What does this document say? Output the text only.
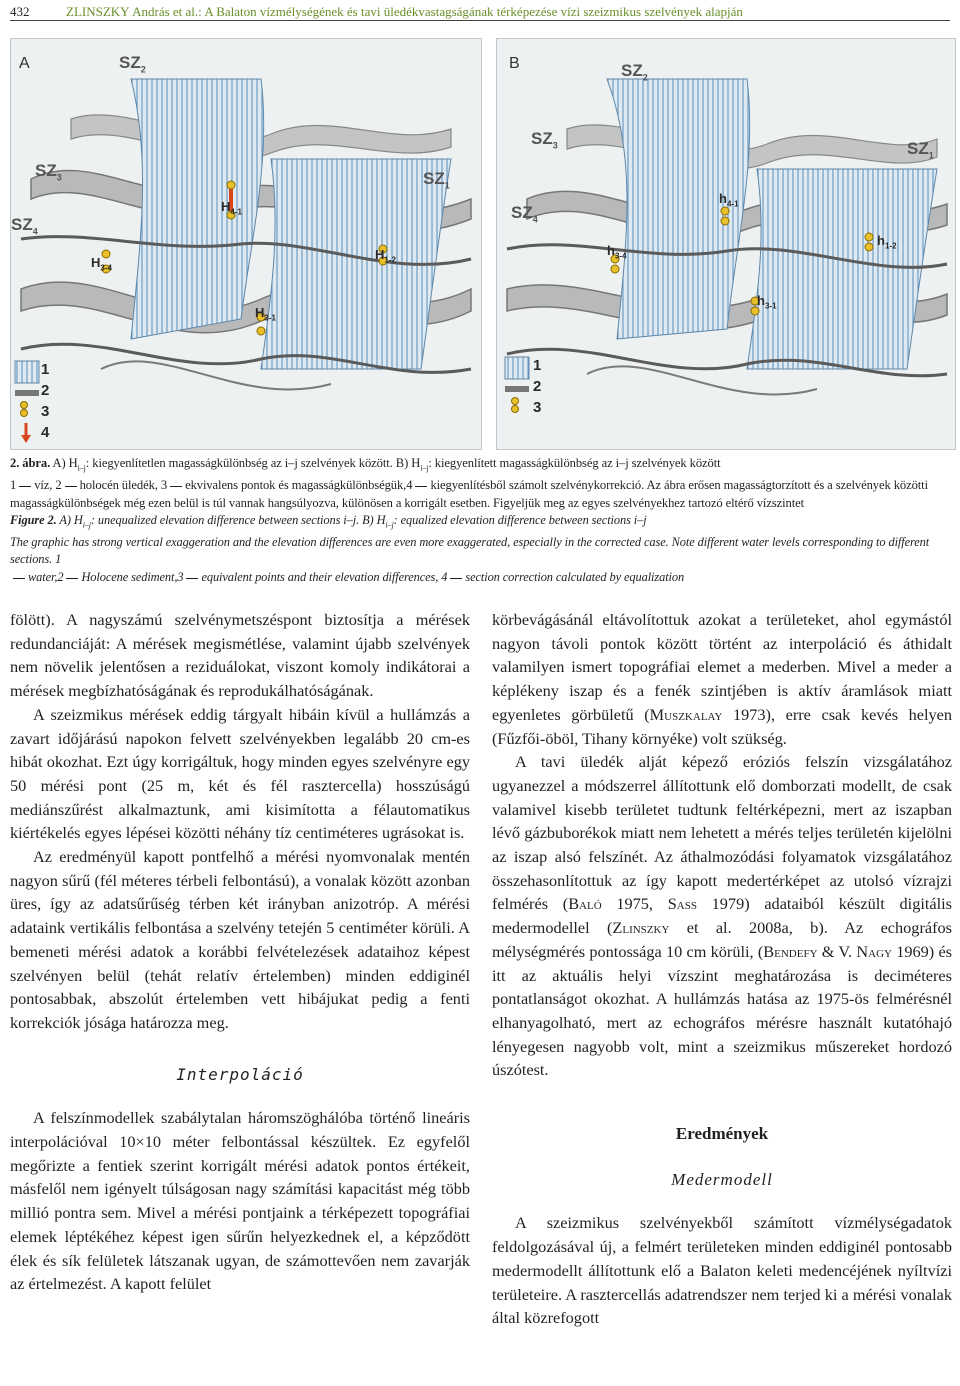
432	ZLINSZKY András et al.: A Balaton vízmélységének és tavi üledékvastagságának térképezése vízi szeizmikus szelvények alapján
A	$SZ_2$
$SZ_3$	$SZ_1$
$SZ_4$
$H_{4-1}$
$H_{3-4}$
$H_{1-2}$
$H_{3-1}$
1
2
3
4
B	$SZ_2$
$SZ_3$	$SZ_1$
$SZ_4$
$h_{4-1}$
$h_{3-4}$
$h_{1-2}$
$h_{3-1}$
1
2
3
2. ábra. A) $H_{i-j}$: kiegyenlítetlen magasságkülönbség az i–j szelvények között. B) $H_{i-j}$: kiegyenlített magasságkülönbség az i–j szelvények között
1 víz, 2 holocén üledék, 3 ekvivalens pontok és magasságkülönbségük,4 kiegyenlítésből számolt szelvénykorrekció. Az ábra erősen magasságtorzított és a szelvények közötti
magasságkülönbségek még ezen belül is túl vannak hangsúlyozva, különösen a korrigált esetben. Figyeljük meg az egyes szelvényekhez tartozó eltérő vízszintet
Figure 2. A) $H_{i-j}$: unequalized elevation difference between sections i–j. B) $H_{i-j}$: equalized elevation difference between sections i–j
The graphic has strong vertical exaggeration and the elevation differences are even more exaggerated, especially in the corrected case. Note different water levels corresponding to different sections. 1
water,2 Holocene sediment,3 equivalent points and their elevation differences, 4 section correction calculated by equalization

fölött). A nagyszámú szelvénymetszéspont biztosítja a mérések redundanciáját: A mérések megismétlése, valamint újabb szelvények nem növelik jelentősen a reziduálokat, viszont komoly indikátorai a mérések megbízhatóságának és reprodukálhatóságának.

A szeizmikus mérések eddig tárgyalt hibáin kívül a hullámzás a zavart időjárású napokon felvett szelvényekben legalább 20 cm-es hibát okozhat. Ezt úgy korrigáltuk, hogy minden egyes szelvényre egy 50 mérési pont (25 m, két és fél rasztercella) hosszúságú mediánszűrést alkalmaztunk, ami kisimította a félautomatikus kiértékelés egyes lépései közötti néhány tíz centiméteres ugrásokat is.

Az eredményül kapott pontfelhő a mérési nyomvonalak mentén nagyon sűrű (fél méteres térbeli felbontású), a vonalak között azonban üres, így az adatsűrűség térben két irányban anizotróp. A mérési adataink vertikális felbontása a szelvény tetején 5 centiméter körüli. A bemeneti mérési adatok a korábbi felvételezések adataihoz képest szelvényen belül (tehát relatív értelemben) minden eddiginél pontosabbak, abszolút értelemben vett hibájukat pedig a fenti korrekciók jósága határozza meg.

Interpoláció

A felszínmodellek szabálytalan háromszöghálóba történő lineáris interpolációval 10×10 méter felbontással készültek. Ez egyfelől megőrizte a fentiek szerint korrigált mérési adatok pontos értékeit, másfelől nem igényelt túlságosan nagy számítási kapacitást még több millió pontra sem. Mivel a mérési pontjaink a térképezett topográfiai elemek léptékéhez képest igen sűrűn helyezkednek el, a képződött élek és sík felületek látszanak ugyan, de számottevően nem zavarják az értelmezést. A kapott felület

körbevágásánál eltávolítottuk azokat a területeket, ahol egymástól nagyon távoli pontok között történt az interpoláció és áthidalt valamilyen ismert topográfiai elemet a mederben. Mivel a meder a képlékeny iszap és a fenék szintjében is aktív áramlások miatt egyenletes görbületű (Muszkalay 1973), erre csak kevés helyen (Fűzfői-öböl, Tihany környéke) volt szükség.

A tavi üledék alját képező eróziós felszín vizsgálatához ugyanezzel a módszerrel állítottunk elő domborzati modellt, de csak valamivel kisebb területet tudtunk feltérképezni, mert az iszapban lévő gázbuborékok miatt nem lehetett a mérés teljes területén kijelölni az iszap alsó felszínét. Az áthalmozódási folyamatok vizsgálatához összehasonlítottuk az így kapott medertérképet az utolsó vízrajzi felmérés (Baló 1975, Sass 1979) adataiból készült digitális medermodellel (Zlinszky et al. 2008a, b). Az echográfos mélységmérés pontossága 10 cm körüli, (Bendefy & V. Nagy 1969) és itt az aktuális helyi vízszint meghatározása is deciméteres pontatlanságot okozhat. A hullámzás hatása az 1975-ös felmérésnél elhanyagolható, mert az echográfos mérésre használt kutatóhajó lényegesen nagyobb volt, mint a szeizmikus műszereket hordozó úszótest.

Eredmények

Medermodell

A szeizmikus szelvényekből számított vízmélységadatok feldolgozásával új, a felmért területeken minden eddiginél pontosabb medermodellt állítottunk elő a Balaton keleti medencéjének nyíltvízi területeire. A rasztercellás adatrendszer nem terjed ki a mérési vonalak által közrefogott
